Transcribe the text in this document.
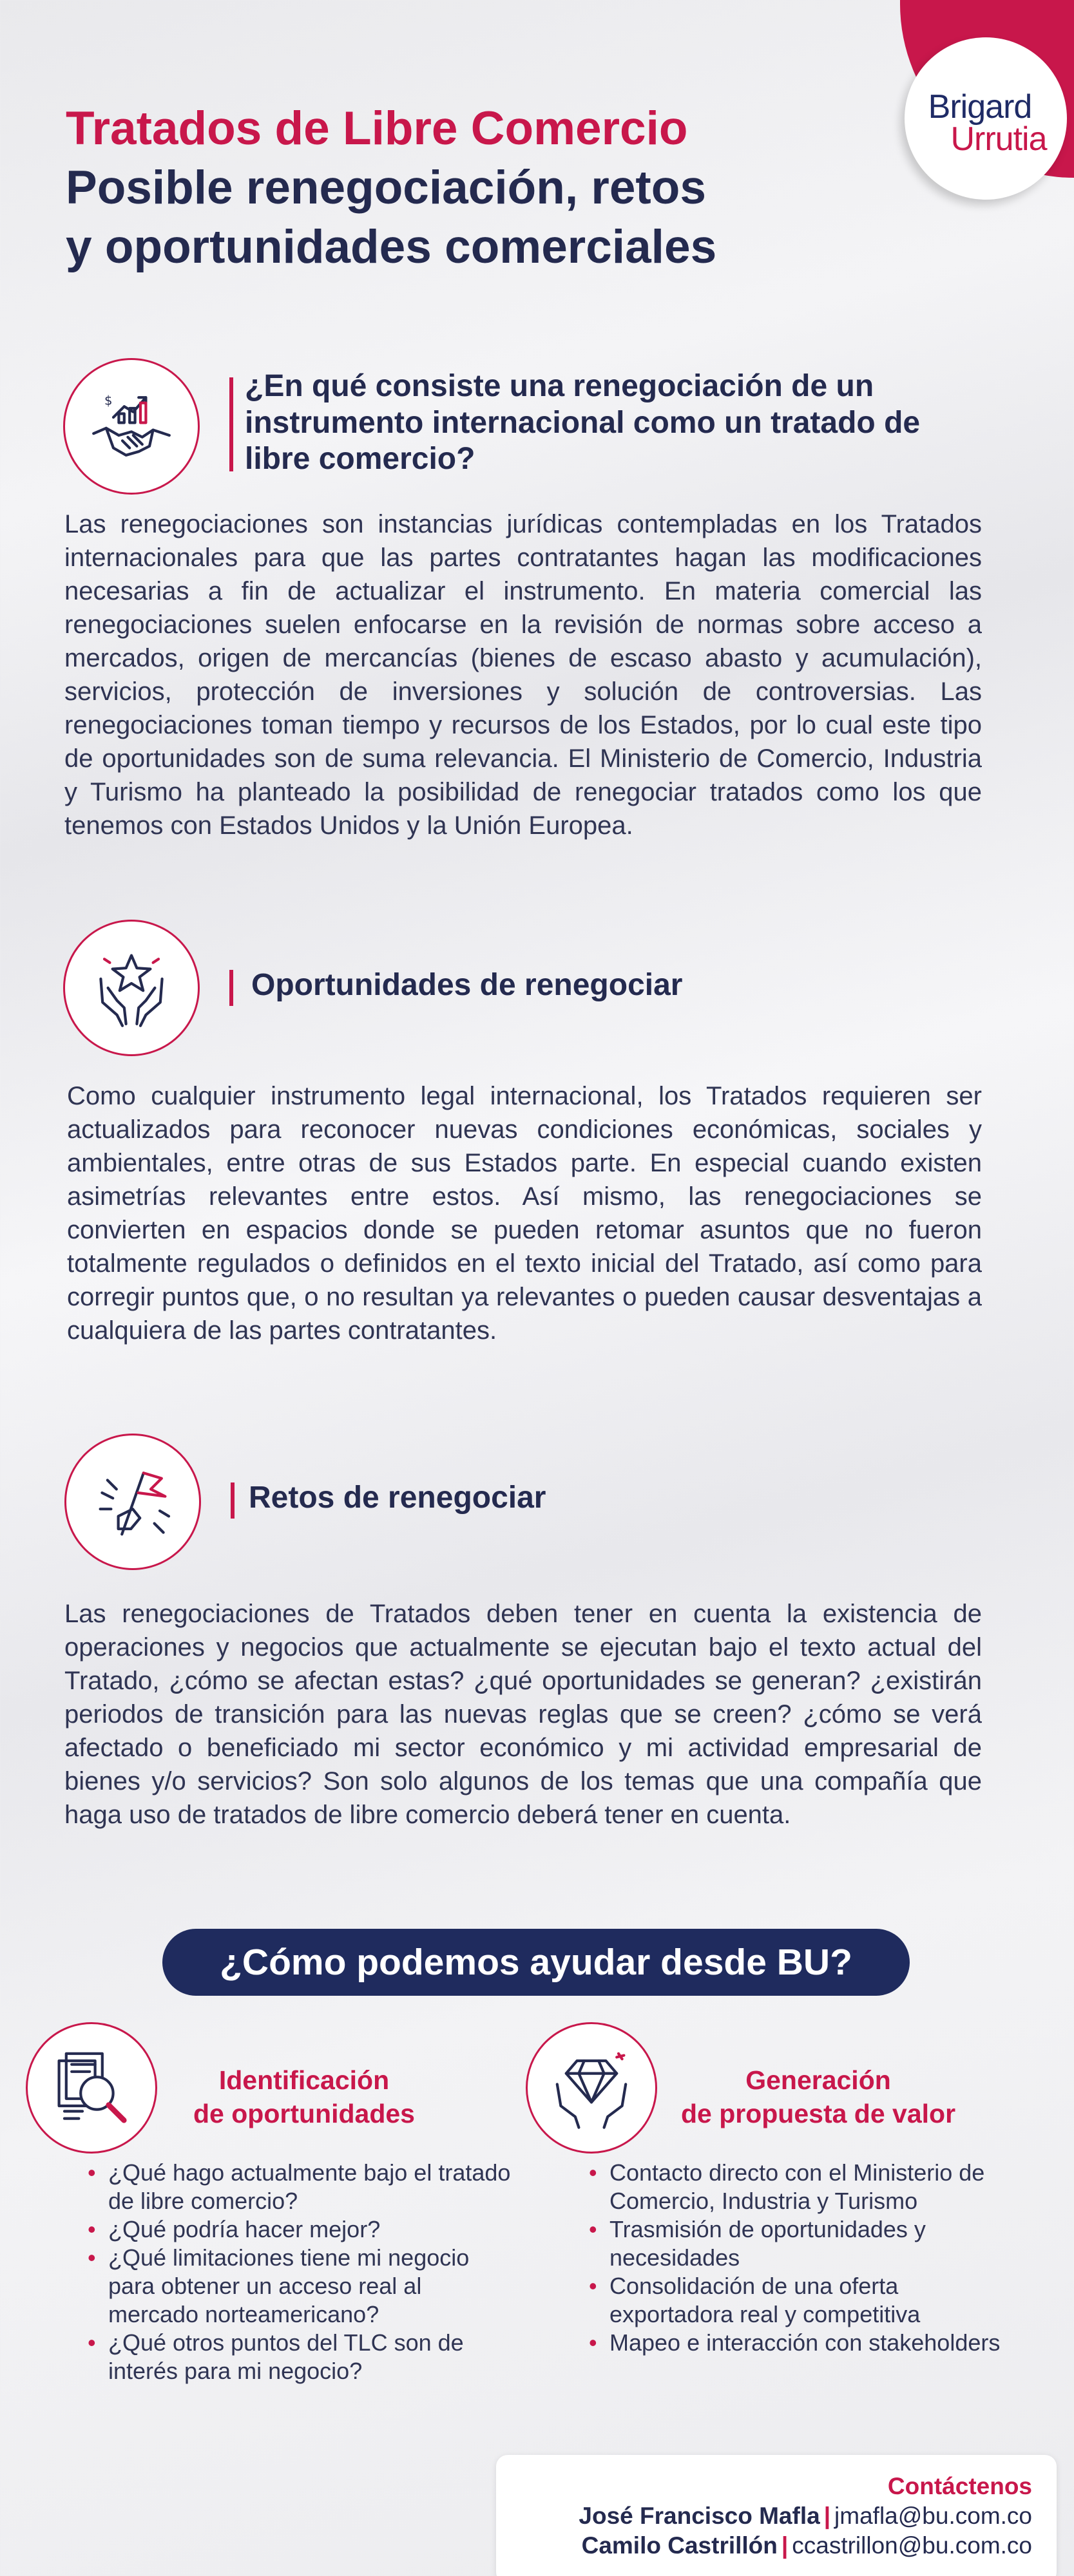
Brigard
Urrutia
Tratados de Libre Comercio
Posible renegociación, retos
y oportunidades comerciales
$	¿En qué consiste una renegociación de un
instrumento internacional como un tratado de
libre comercio?
Las renegociaciones son instancias jurídicas contempladas en los Tratados internacionales para que las partes contratantes hagan las modificaciones necesarias a fin de actualizar el instrumento. En materia comercial las renegociaciones suelen enfocarse en la revisión de normas sobre acceso a mercados, origen de mercancías (bienes de escaso abasto y acumulación), servicios, protección de inversiones y solución de controversias. Las renegociaciones toman tiempo y recursos de los Estados, por lo cual este tipo de oportunidades son de suma relevancia. El Ministerio de Comercio, Industria y Turismo ha planteado la posibilidad de renegociar tratados como los que tenemos con Estados Unidos y la Unión Europea.
Oportunidades de renegociar
Como cualquier instrumento legal internacional, los Tratados requieren ser actualizados para reconocer nuevas condiciones económicas, sociales y ambientales, entre otras de sus Estados parte. En especial cuando existen asimetrías relevantes entre estos. Así mismo, las renegociaciones se convierten en espacios donde se pueden retomar asuntos que no fueron totalmente regulados o definidos en el texto inicial del Tratado, así como para corregir puntos que, o no resultan ya relevantes o pueden causar desventajas a cualquiera de las partes contratantes.
Retos de renegociar
Las renegociaciones de Tratados deben tener en cuenta la existencia de operaciones y negocios que actualmente se ejecutan bajo el texto actual del Tratado, ¿cómo se afectan estas? ¿qué oportunidades se generan? ¿existirán periodos de transición para las nuevas reglas que se creen? ¿cómo se verá afectado o beneficiado mi sector económico y mi actividad empresarial de bienes y/o servicios? Son solo algunos de los temas que una compañía que haga uso de tratados de libre comercio deberá tener en cuenta.
¿Cómo podemos ayudar desde BU?
Identificación
de oportunidades
• ¿Qué hago actualmente bajo el tratado de libre comercio?
• ¿Qué podría hacer mejor?
• ¿Qué limitaciones tiene mi negocio para obtener un acceso real al mercado norteamericano?
• ¿Qué otros puntos del TLC son de interés para mi negocio?
Generación
de propuesta de valor
• Contacto directo con el Ministerio de Comercio, Industria y Turismo
• Trasmisión de oportunidades y necesidades
• Consolidación de una oferta exportadora real y competitiva
• Mapeo e interacción con stakeholders
Contáctenos
José Francisco Mafla | jmafla@bu.com.co
Camilo Castrillón | ccastrillon@bu.com.co
